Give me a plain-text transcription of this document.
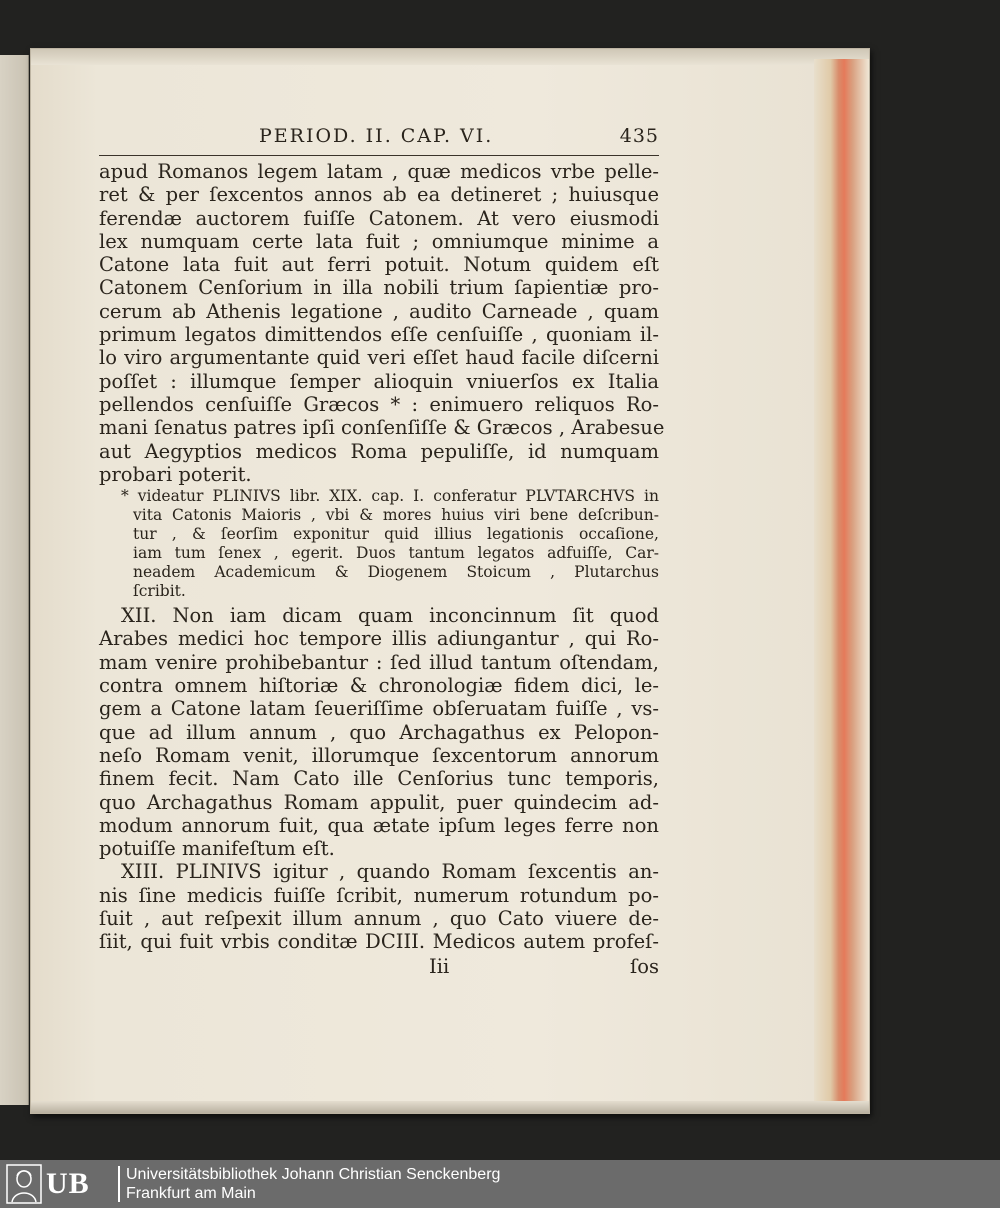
PERIOD. II. CAP. VI.	435

apud Romanos legem latam , quæ medicos vrbe pelle-
ret & per ſexcentos annos ab ea detineret ; huiusque
ferendæ auctorem fuiſſe Catonem. At vero eiusmodi
lex numquam certe lata fuit ; omniumque minime a
Catone lata fuit aut ferri potuit. Notum quidem eſt
Catonem Cenſorium in illa nobili trium ſapientiæ pro-
cerum ab Athenis legatione , audito Carneade , quam
primum legatos dimittendos eſſe cenſuiſſe , quoniam il-
lo viro argumentante quid veri eſſet haud facile diſcerni
poſſet : illumque ſemper alioquin vniuerſos ex Italia
pellendos cenſuiſſe Græcos * : enimuero reliquos Ro-
mani ſenatus patres ipſi conſenſiſſe & Græcos , Arabesue
aut Aegyptios medicos Roma pepuliſſe, id numquam
probari poterit.

* videatur PLINIVS libr. XIX. cap. I. conferatur PLVTARCHVS in
vita Catonis Maioris , vbi & mores huius viri bene deſcribun-
tur , & ſeorſim exponitur quid illius legationis occaſione,
iam tum ſenex , egerit. Duos tantum legatos adfuiſſe, Car-
neadem Academicum & Diogenem Stoicum , Plutarchus
ſcribit.

XII. Non iam dicam quam inconcinnum ſit quod
Arabes medici hoc tempore illis adiungantur , qui Ro-
mam venire prohibebantur : ſed illud tantum oſtendam,
contra omnem hiſtoriæ & chronologiæ fidem dici, le-
gem a Catone latam ſeueriſſime obſeruatam fuiſſe , vs-
que ad illum annum , quo Archagathus ex Pelopon-
neſo Romam venit, illorumque ſexcentorum annorum
finem fecit. Nam Cato ille Cenſorius tunc temporis,
quo Archagathus Romam appulit, puer quindecim ad-
modum annorum fuit, qua ætate ipſum leges ferre non
potuiſſe manifeſtum eſt.

XIII. PLINIVS igitur , quando Romam ſexcentis an-
nis ſine medicis fuiſſe ſcribit, numerum rotundum po-
ſuit , aut reſpexit illum annum , quo Cato viuere de-
ſiit, qui fuit vrbis conditæ DCIII. Medicos autem profeſ-

Iii	ſos
UB Universitätsbibliothek Johann Christian Senckenberg
Frankfurt am Main
